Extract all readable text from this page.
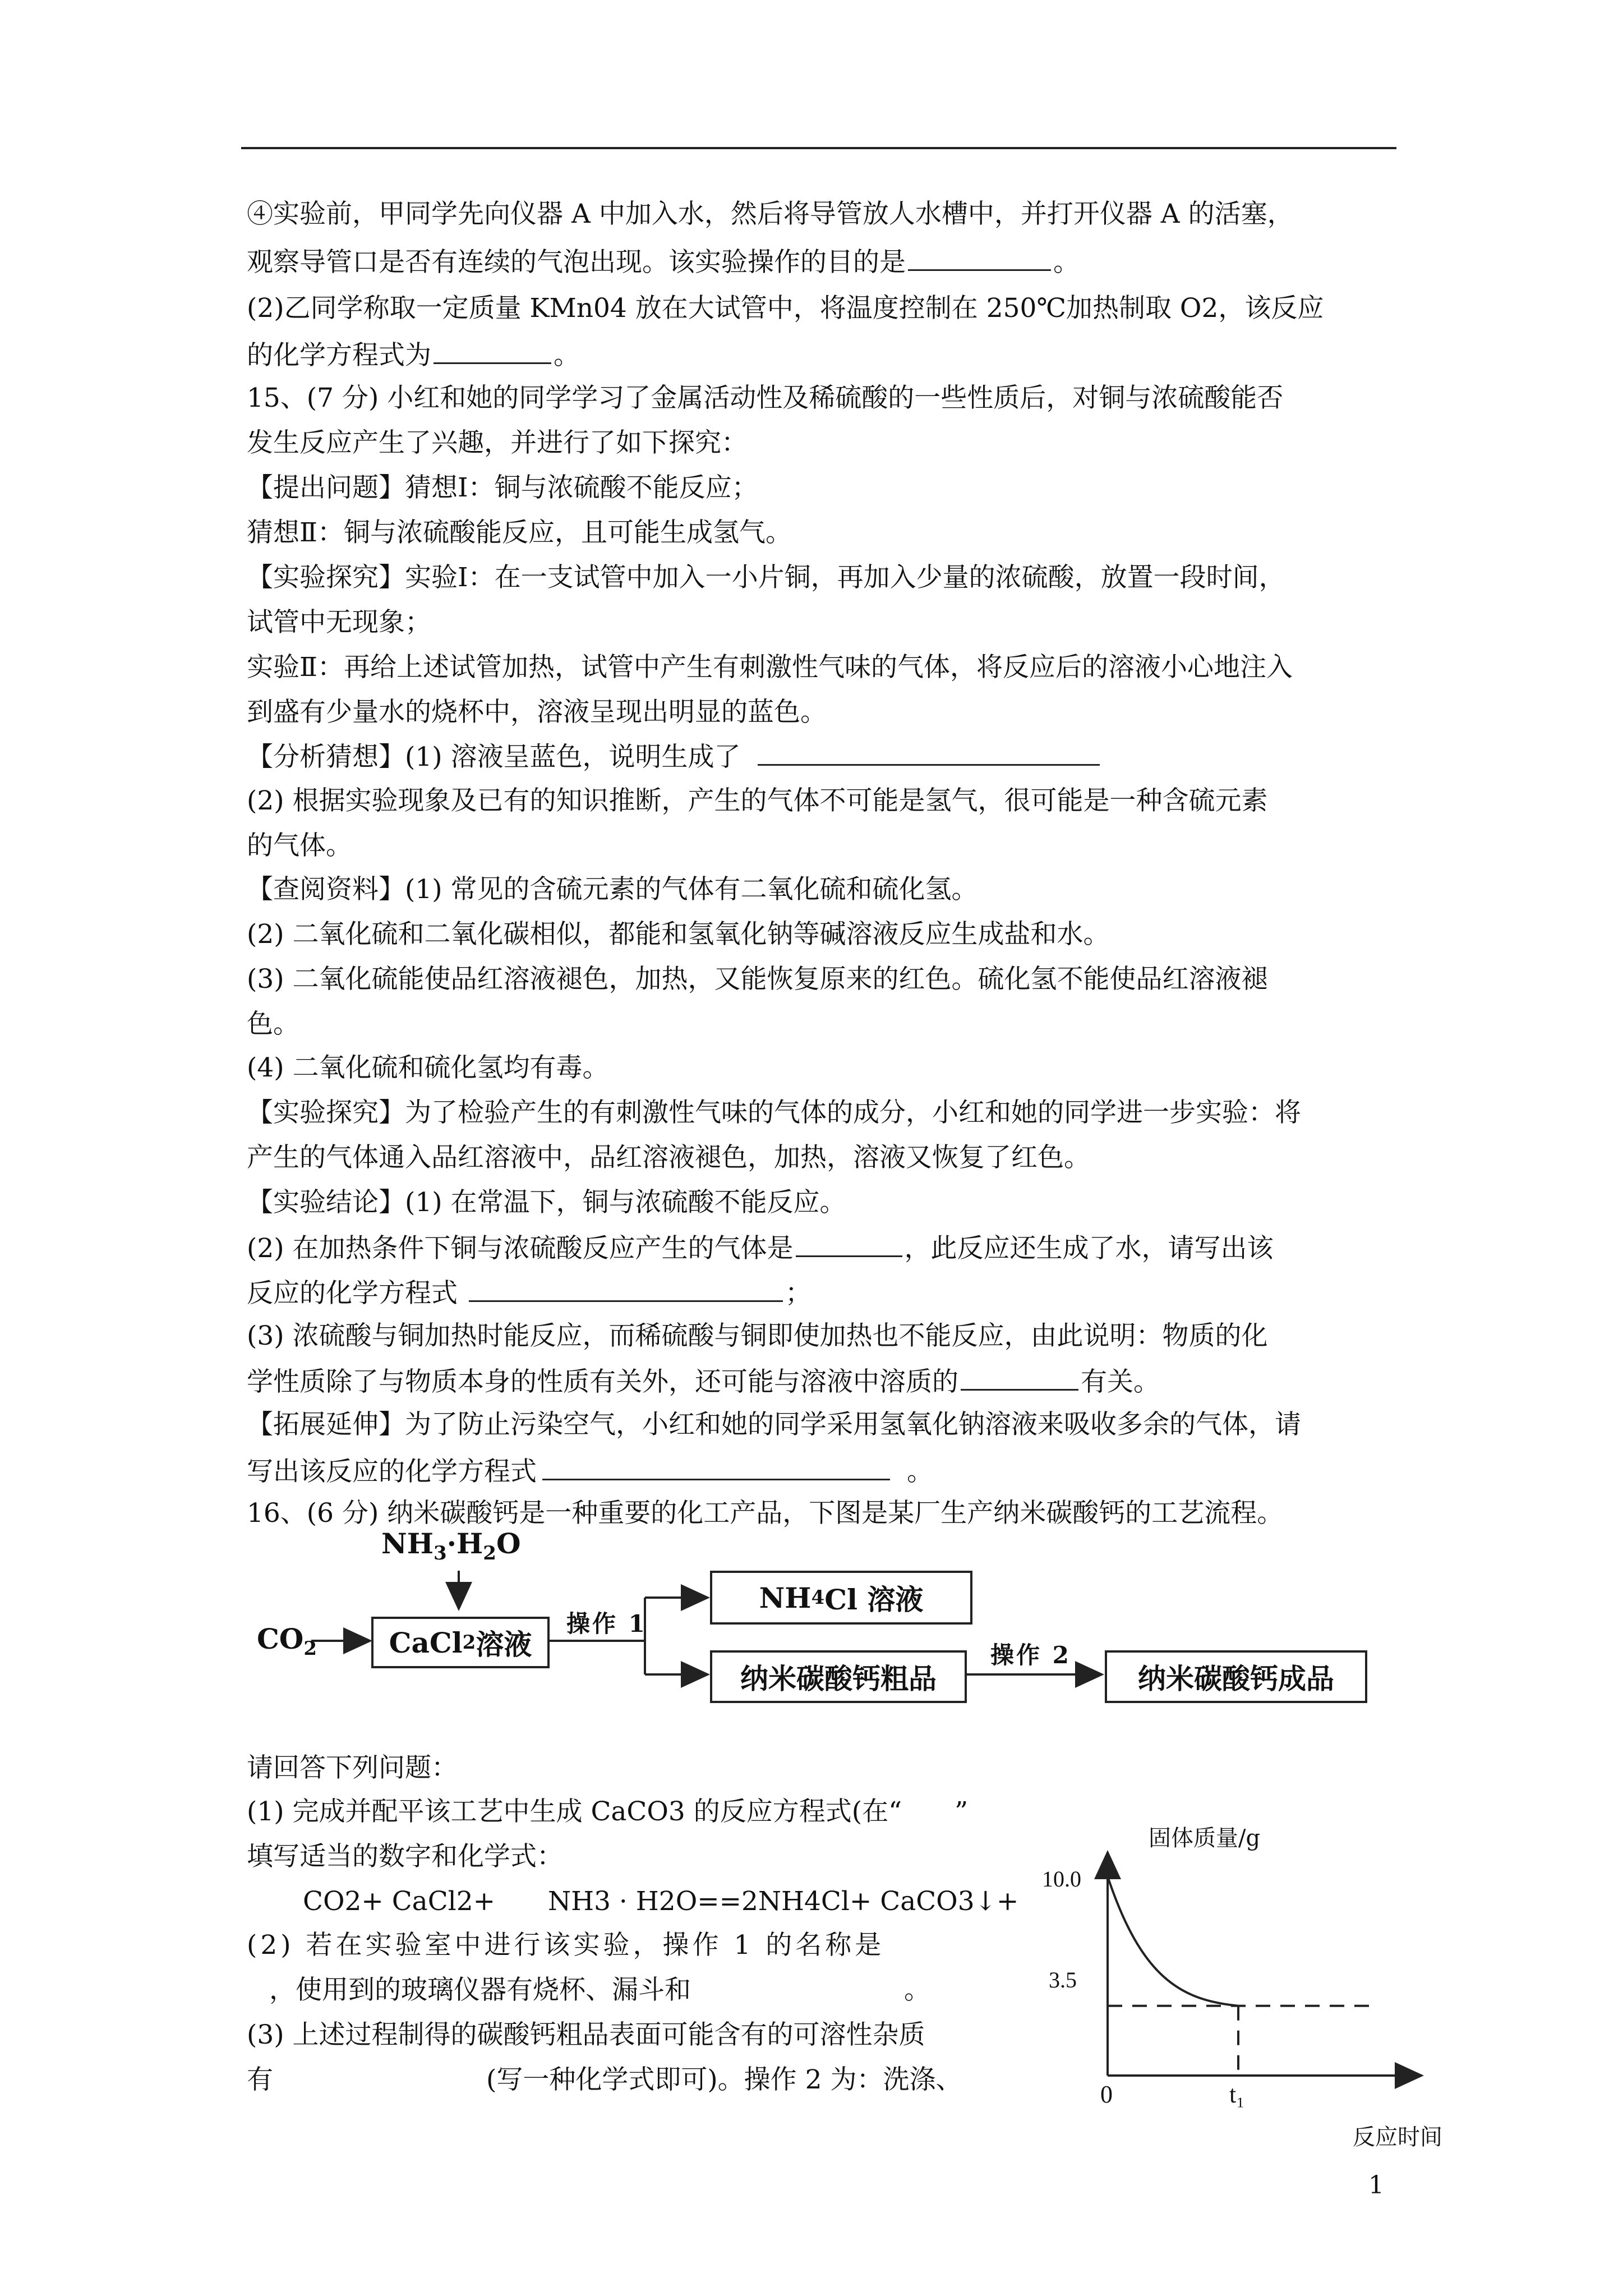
④实验前，甲同学先向仪器 A 中加入水，然后将导管放人水槽中，并打开仪器 A 的活塞，
观察导管口是否有连续的气泡出现。该实验操作的目的是	。
(2)乙同学称取一定质量 KMn04 放在大试管中，将温度控制在 250℃加热制取 O2，该反应
的化学方程式为	。
15、(7 分) 小红和她的同学学习了金属活动性及稀硫酸的一些性质后，对铜与浓硫酸能否
发生反应产生了兴趣，并进行了如下探究：
【提出问题】猜想Ⅰ：铜与浓硫酸不能反应；
猜想Ⅱ：铜与浓硫酸能反应，且可能生成氢气。
【实验探究】实验Ⅰ：在一支试管中加入一小片铜，再加入少量的浓硫酸，放置一段时间，
试管中无现象；
实验Ⅱ：再给上述试管加热，试管中产生有刺激性气味的气体，将反应后的溶液小心地注入
到盛有少量水的烧杯中，溶液呈现出明显的蓝色。
【分析猜想】(1) 溶液呈蓝色，说明生成了
(2) 根据实验现象及已有的知识推断，产生的气体不可能是氢气，很可能是一种含硫元素
的气体。
【查阅资料】(1) 常见的含硫元素的气体有二氧化硫和硫化氢。
(2) 二氧化硫和二氧化碳相似，都能和氢氧化钠等碱溶液反应生成盐和水。
(3) 二氧化硫能使品红溶液褪色，加热，又能恢复原来的红色。硫化氢不能使品红溶液褪
色。
(4) 二氧化硫和硫化氢均有毒。
【实验探究】为了检验产生的有刺激性气味的气体的成分，小红和她的同学进一步实验：将
产生的气体通入品红溶液中，品红溶液褪色，加热，溶液又恢复了红色。
【实验结论】(1) 在常温下，铜与浓硫酸不能反应。
(2) 在加热条件下铜与浓硫酸反应产生的气体是	，此反应还生成了水，请写出该
反应的化学方程式	；
(3) 浓硫酸与铜加热时能反应，而稀硫酸与铜即使加热也不能反应，由此说明：物质的化
学性质除了与物质本身的性质有关外，还可能与溶液中溶质的	有关。
【拓展延伸】为了防止污染空气，小红和她的同学采用氢氧化钠溶液来吸收多余的气体，请
写出该反应的化学方程式	。
16、(6 分) 纳米碳酸钙是一种重要的化工产品，下图是某厂生产纳米碳酸钙的工艺流程。
$NH_3\cdot H_2O$
$CO_2$	CaCl 2 溶液
操作 1
NH 4 Cl 溶液
纳米碳酸钙粗品
操作 2
纳米碳酸钙成品
请回答下列问题：
(1) 完成并配平该工艺中生成 CaCO3 的反应方程式(在“　　”
填写适当的数字和化学式：
CO2+ CaCl2+　　NH3 · H2O==2NH4Cl+ CaCO3↓+
(2) 若在实验室中进行该实验，操作 1 的名称是
，使用到的玻璃仪器有烧杯、漏斗和	。
(3) 上述过程制得的碳酸钙粗品表面可能含有的可溶性杂质
有	(写一种化学式即可)。操作 2 为：洗涤、
固体质量/g
10.0
3.5
0	t₁
反应时间
1
